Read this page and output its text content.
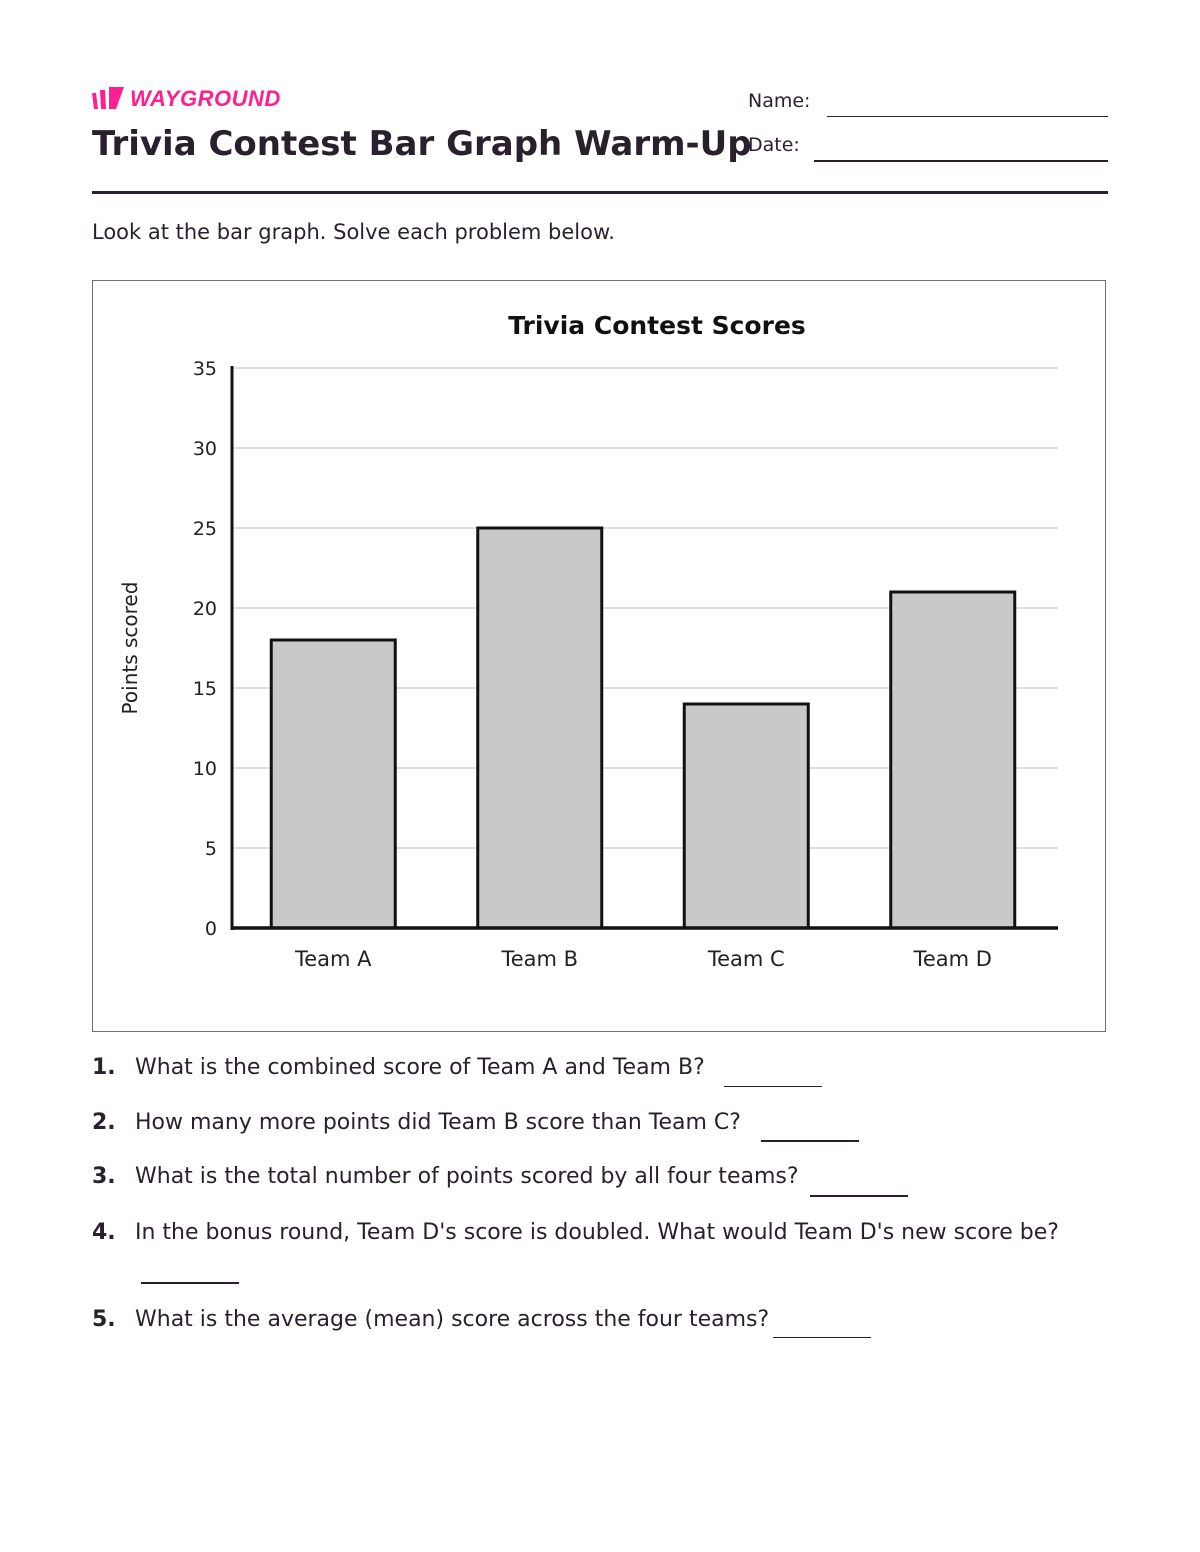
WAYGROUND
Trivia Contest Bar Graph Warm-Up
Name:
Date:
Look at the bar graph. Solve each problem below.
Trivia Contest Scores
0
5
10
15
20
25
30
35
Points scored
Team A	Team B	Team C	Team D
1. What is the combined score of Team A and Team B?
2. How many more points did Team B score than Team C?
3. What is the total number of points scored by all four teams?
4. In the bonus round, Team D's score is doubled. What would Team D's new score be?
5. What is the average (mean) score across the four teams?
